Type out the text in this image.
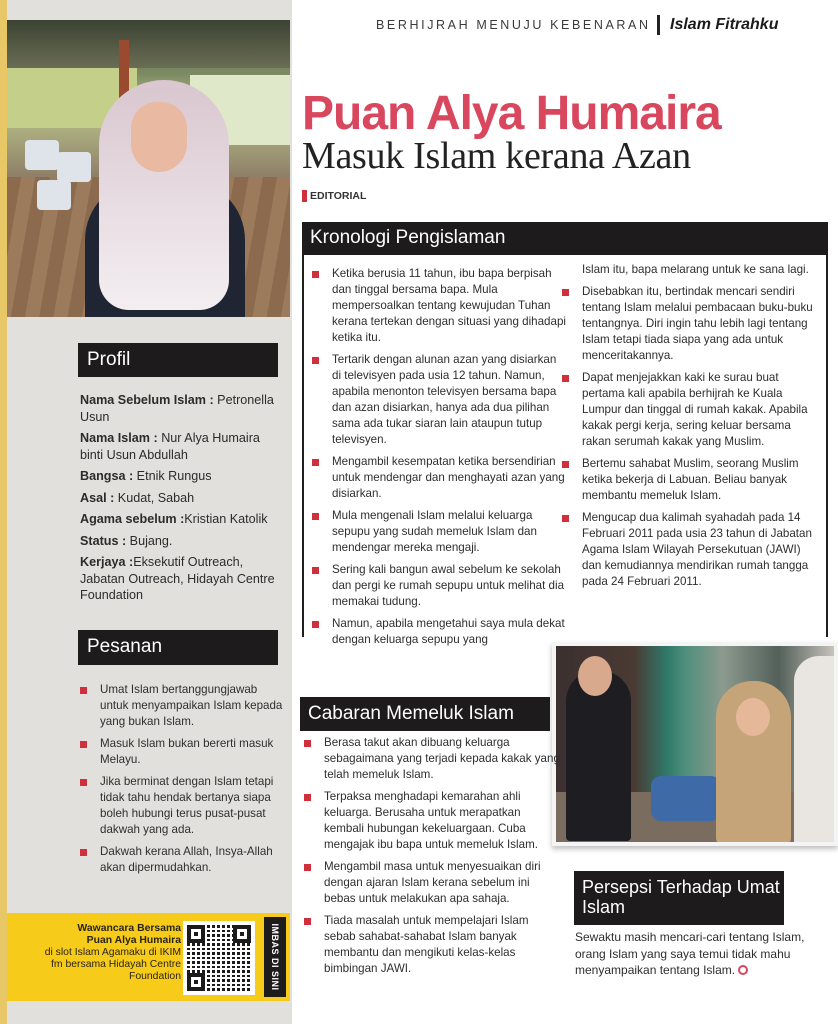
Profil
Nama Sebelum Islam : Petronella Usun
Nama Islam : Nur Alya Humaira binti Usun Abdullah
Bangsa : Etnik Rungus
Asal : Kudat, Sabah
Agama sebelum :Kristian Katolik
Status : Bujang.
Kerjaya :Eksekutif Outreach, Jabatan Outreach, Hidayah Centre Foundation
Pesanan
Umat Islam bertanggungjawab untuk menyampaikan Islam kepada yang bukan Islam.
Masuk Islam bukan bererti masuk Melayu.
Jika berminat dengan Islam tetapi tidak tahu hendak bertanya siapa boleh hubungi terus pusat-pusat dakwah yang ada.
Dakwah kerana Allah, Insya-Allah akan dipermudahkan.
Wawancara Bersama
Puan Alya Humaira
di slot Islam Agamaku di IKIM fm bersama Hidayah Centre Foundation	IMBAS DI SINI
BERHIJRAH MENUJU KEBENARAN Islam Fitrahku
Puan Alya Humaira
Masuk Islam kerana Azan
EDITORIAL
Kronologi Pengislaman
Ketika berusia 11 tahun, ibu bapa berpisah dan tinggal bersama bapa. Mula mempersoalkan tentang kewujudan Tuhan kerana tertekan dengan situasi yang dihadapi ketika itu.
Tertarik dengan alunan azan yang disiarkan di televisyen pada usia 12 tahun. Namun, apabila menonton televisyen bersama bapa dan azan disiarkan, hanya ada dua pilihan sama ada tukar siaran lain ataupun tutup televisyen.
Mengambil kesempatan ketika bersendirian untuk mendengar dan menghayati azan yang disiarkan.
Mula mengenali Islam melalui keluarga sepupu yang sudah memeluk Islam dan mendengar mereka mengaji.
Sering kali bangun awal sebelum ke sekolah dan pergi ke rumah sepupu untuk melihat dia memakai tudung.
Namun, apabila mengetahui saya mula dekat dengan keluarga sepupu yang
Islam itu, bapa melarang untuk ke sana lagi.
Disebabkan itu, bertindak mencari sendiri tentang Islam melalui pembacaan buku-buku tentangnya. Diri ingin tahu lebih lagi tentang Islam tetapi tiada siapa yang ada untuk menceritakannya.
Dapat menjejakkan kaki ke surau buat pertama kali apabila berhijrah ke Kuala Lumpur dan tinggal di rumah kakak. Apabila kakak pergi kerja, sering keluar bersama rakan serumah kakak yang Muslim.
Bertemu sahabat Muslim, seorang Muslim ketika bekerja di Labuan. Beliau banyak membantu memeluk Islam.
Mengucap dua kalimah syahadah pada 14 Februari 2011 pada usia 23 tahun di Jabatan Agama Islam Wilayah Persekutuan (JAWI) dan kemudiannya mendirikan rumah tangga pada 24 Februari 2011.
Cabaran Memeluk Islam
Berasa takut akan dibuang keluarga sebagaimana yang terjadi kepada kakak yang telah memeluk Islam.
Terpaksa menghadapi kemarahan ahli keluarga. Berusaha untuk merapatkan kembali hubungan kekeluargaan. Cuba mengajak ibu bapa untuk memeluk Islam.
Mengambil masa untuk menyesuaikan diri dengan ajaran Islam kerana sebelum ini bebas untuk melakukan apa sahaja.
Tiada masalah untuk mempelajari Islam sebab sahabat-sahabat Islam banyak membantu dan mengikuti kelas-kelas bimbingan JAWI.
Persepsi Terhadap Umat Islam
Sewaktu masih mencari-cari tentang Islam, orang Islam yang saya temui tidak mahu menyampaikan tentang Islam.
